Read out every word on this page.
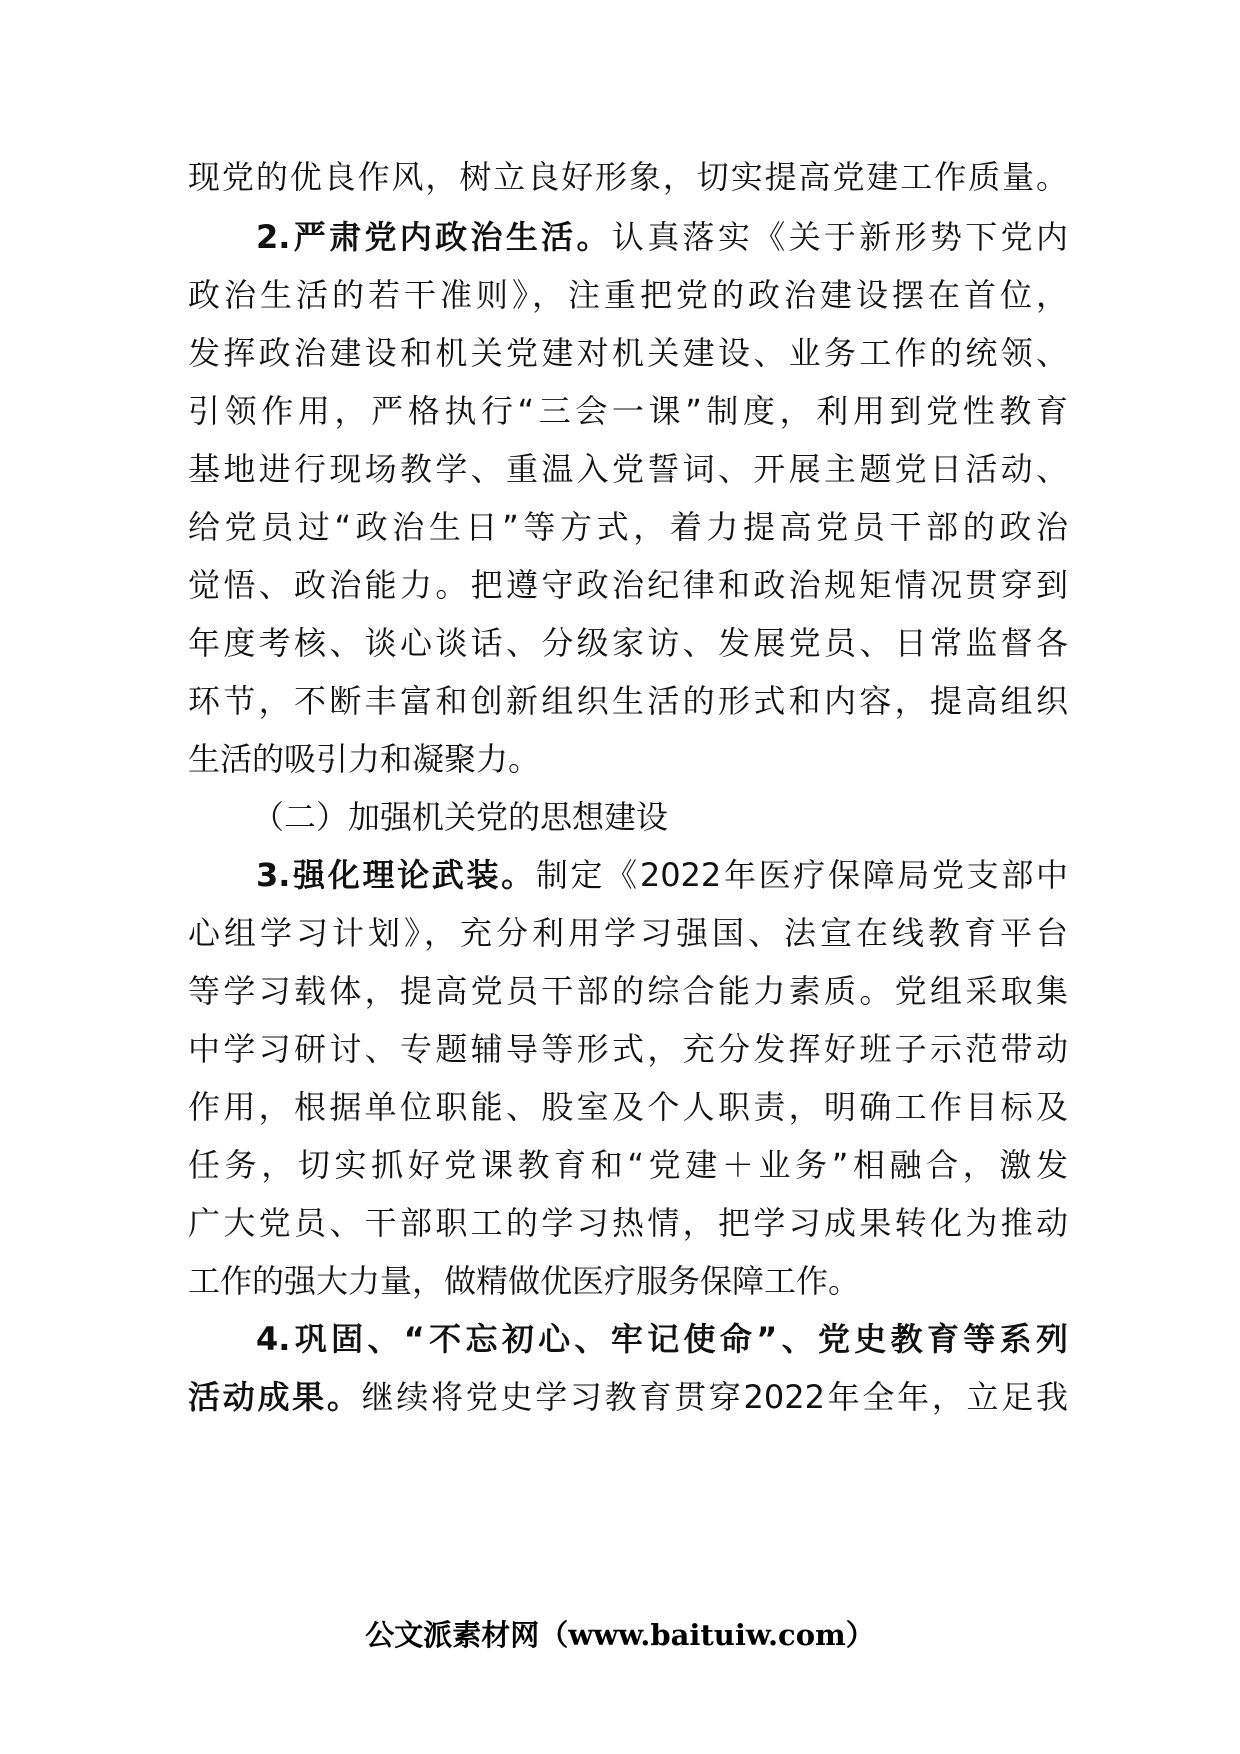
现党的优良作风，树立良好形象，切实提高党建工作质量。
2.严肃党内政治生活。认真落实《关于新形势下党内
政治生活的若干准则》，注重把党的政治建设摆在首位，
发挥政治建设和机关党建对机关建设、业务工作的统领、
引领作用，严格执行“三会一课”制度，利用到党性教育
基地进行现场教学、重温入党誓词、开展主题党日活动、
给党员过“政治生日”等方式，着力提高党员干部的政治
觉悟、政治能力。把遵守政治纪律和政治规矩情况贯穿到
年度考核、谈心谈话、分级家访、发展党员、日常监督各
环节，不断丰富和创新组织生活的形式和内容，提高组织
生活的吸引力和凝聚力。
（二）加强机关党的思想建设
3.强化理论武装。制定《2022年医疗保障局党支部中
心组学习计划》，充分利用学习强国、法宣在线教育平台
等学习载体，提高党员干部的综合能力素质。党组采取集
中学习研讨、专题辅导等形式，充分发挥好班子示范带动
作用，根据单位职能、股室及个人职责，明确工作目标及
任务，切实抓好党课教育和“党建＋业务”相融合，激发
广大党员、干部职工的学习热情，把学习成果转化为推动
工作的强大力量，做精做优医疗服务保障工作。
4.巩固、“不忘初心、牢记使命”、党史教育等系列
活动成果。继续将党史学习教育贯穿2022年全年，立足我
公文派素材网（www.baituiw.com）
